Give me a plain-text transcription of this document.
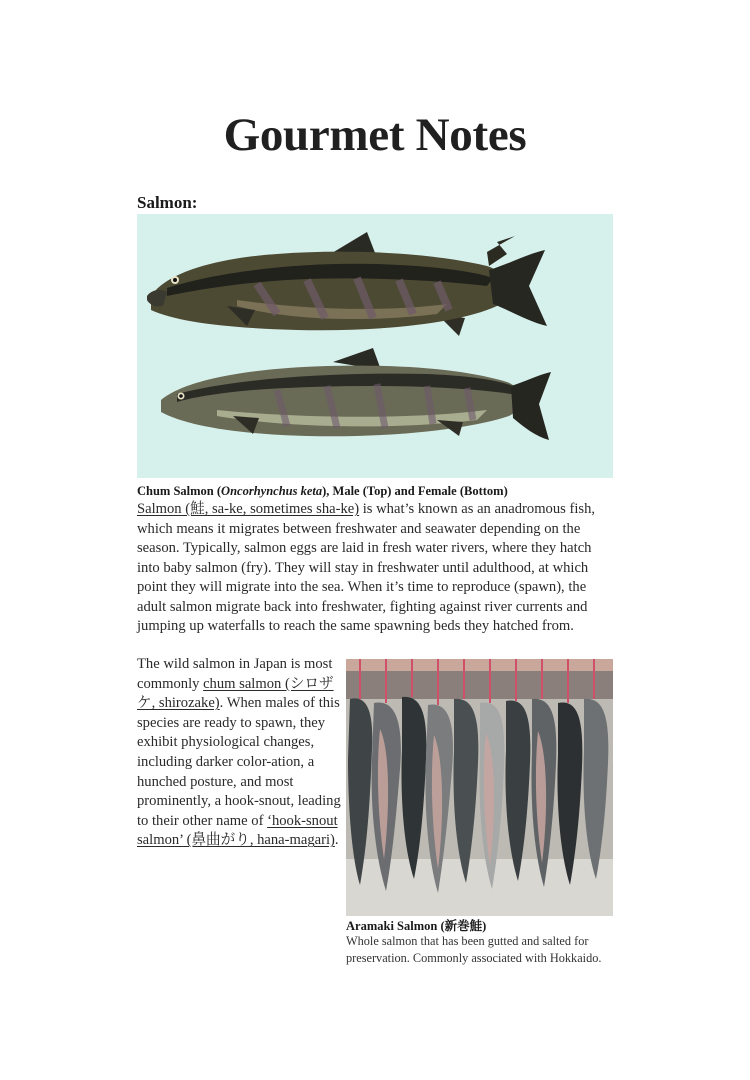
Gourmet Notes
Salmon:
Chum Salmon (Oncorhynchus keta), Male (Top) and Female (Bottom)
Salmon (鮭, sa-ke, sometimes sha-ke) is what’s known as an anadromous fish, which means it migrates between freshwater and seawater depending on the season. Typically, salmon eggs are laid in fresh water rivers, where they hatch into baby salmon (fry). They will stay in freshwater until adulthood, at which point they will migrate into the sea. When it’s time to reproduce (spawn), the adult salmon migrate back into freshwater, fighting against river currents and jumping up waterfalls to reach the same spawning beds they hatched from.
The wild salmon in Japan is most commonly chum salmon (シロザケ, shirozake). When males of this species are ready to spawn, they exhibit physiological changes, including darker color-ation, a hunched posture, and most prominently, a hook-snout, leading to their other name of ‘hook-snout salmon’ (鼻曲がり, hana-magari).
Aramaki Salmon (新巻鮭)
Whole salmon that has been gutted and salted for preservation. Commonly associated with Hokkaido.
